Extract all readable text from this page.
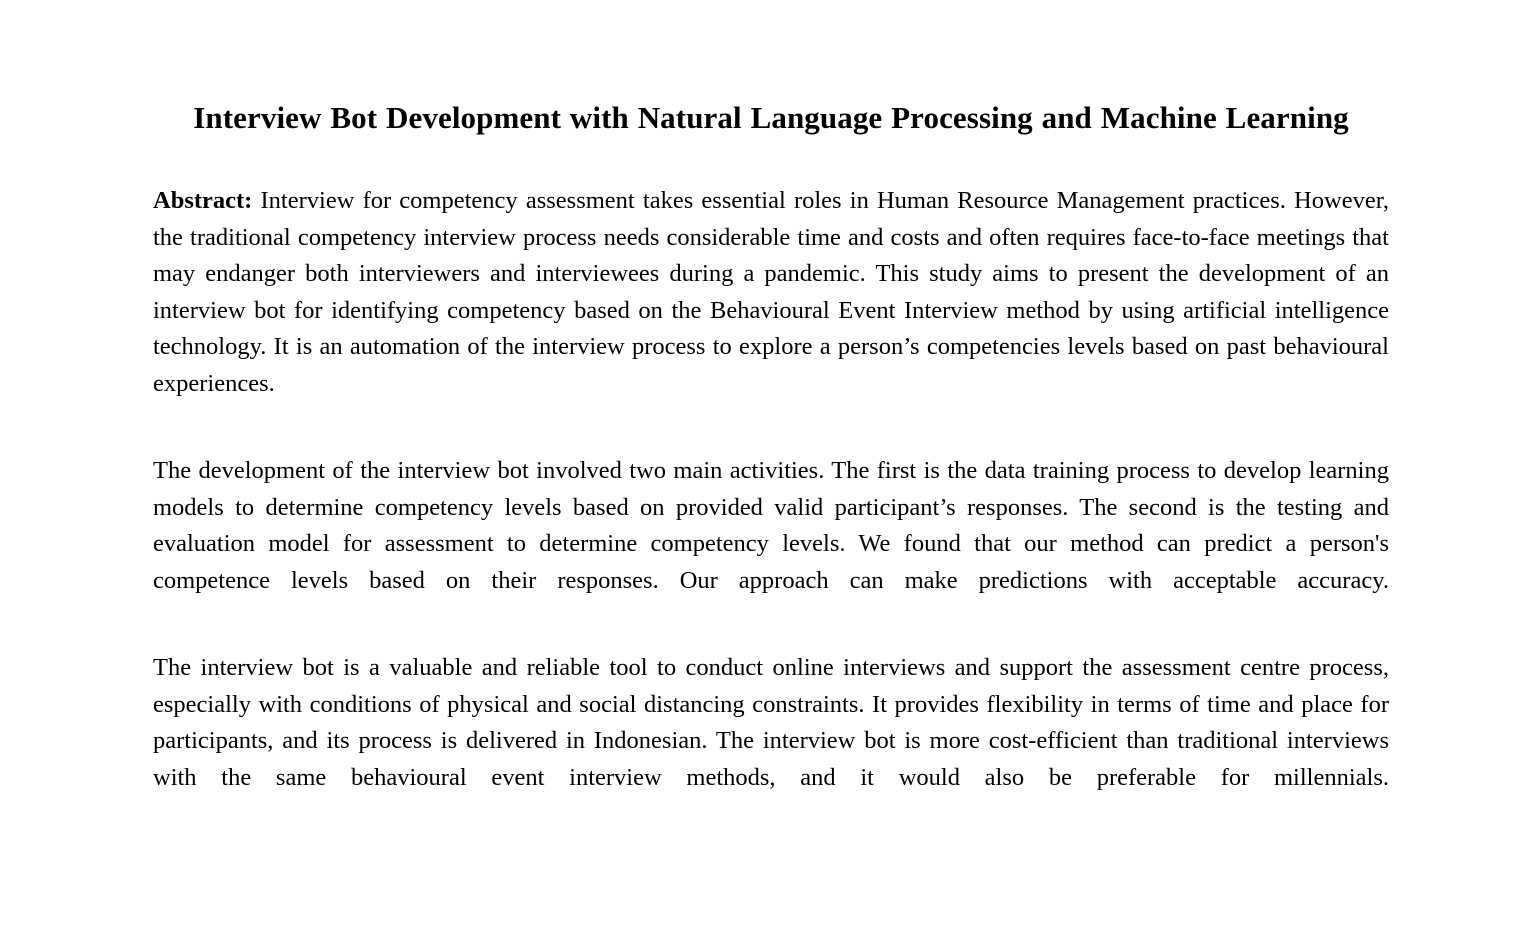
Interview Bot Development with Natural Language Processing and Machine Learning

Abstract: Interview for competency assessment takes essential roles in Human Resource Management practices. However, the traditional competency interview process needs considerable time and costs and often requires face-to-face meetings that may endanger both interviewers and interviewees during a pandemic. This study aims to present the development of an interview bot for identifying competency based on the Behavioural Event Interview method by using artificial intelligence technology. It is an automation of the interview process to explore a person’s competencies levels based on past behavioural experiences.

The development of the interview bot involved two main activities. The first is the data training process to develop learning models to determine competency levels based on provided valid participant’s responses. The second is the testing and evaluation model for assessment to determine competency levels. We found that our method can predict a person's competence levels based on their responses. Our approach can make predictions with acceptable accuracy.

The interview bot is a valuable and reliable tool to conduct online interviews and support the assessment centre process, especially with conditions of physical and social distancing constraints. It provides flexibility in terms of time and place for participants, and its process is delivered in Indonesian. The interview bot is more cost-efficient than traditional interviews with the same behavioural event interview methods, and it would also be preferable for millennials.
